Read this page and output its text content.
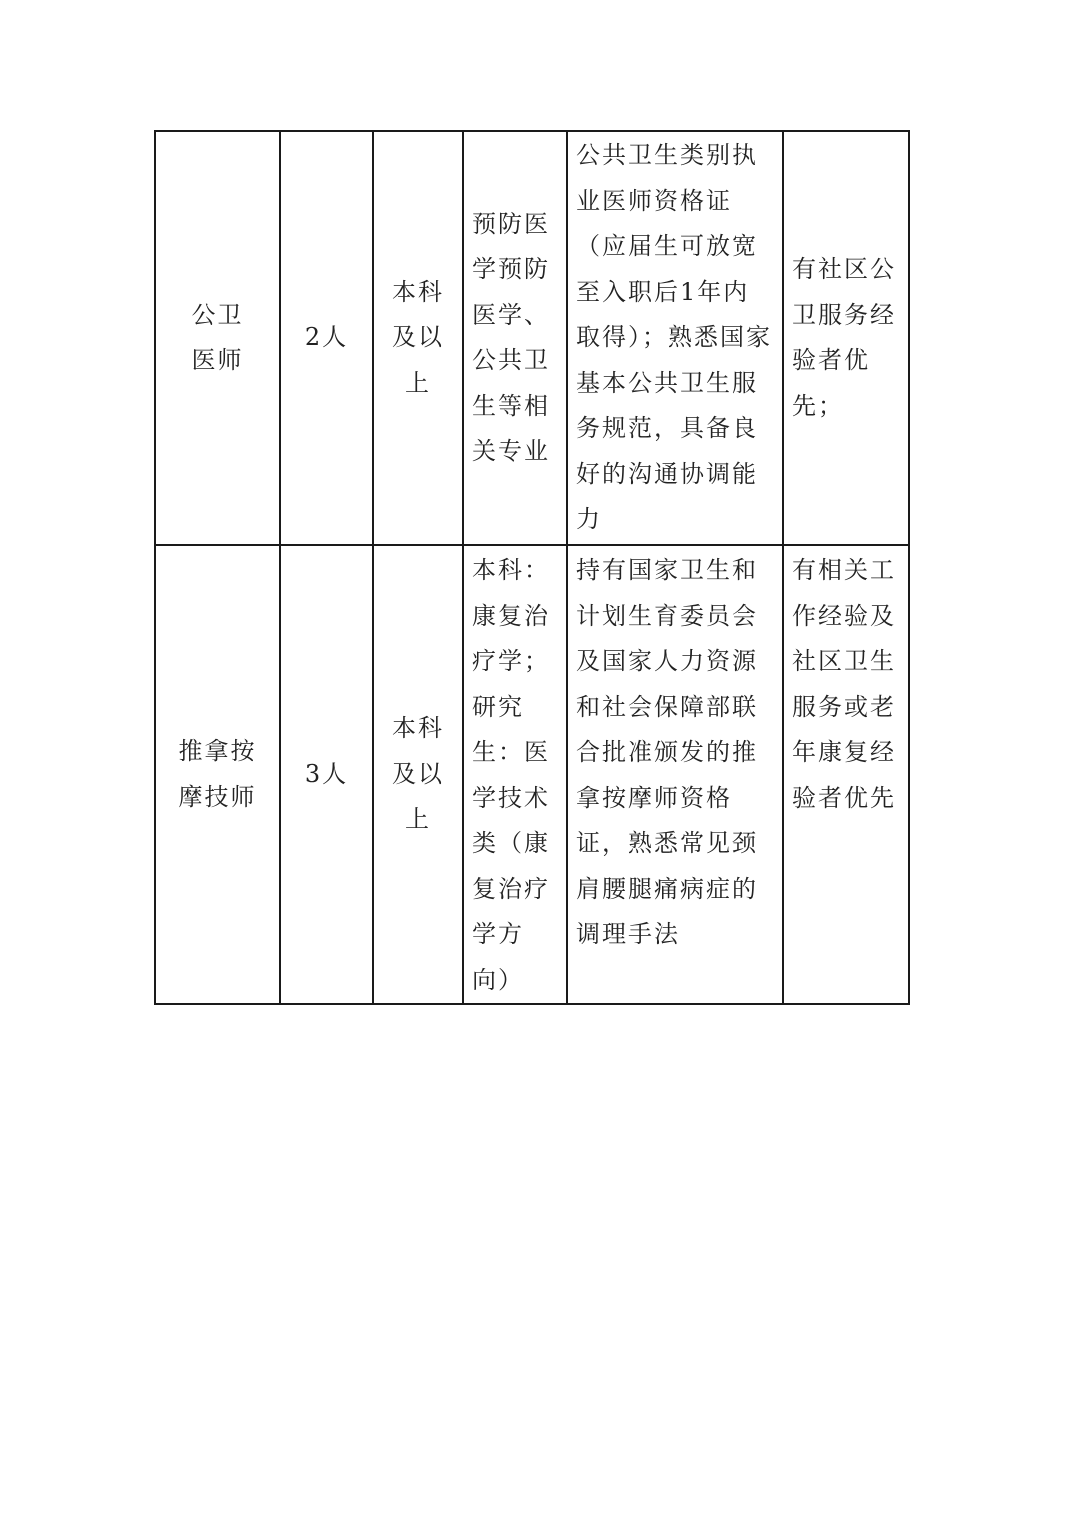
公卫医师	2人	本科及以上	预防医学预防医学、公共卫生等相关专业	公共卫生类别执业医师资格证（应届生可放宽至入职后1年内取得）；熟悉国家基本公共卫生服务规范，具备良好的沟通协调能力	有社区公卫服务经验者优先；

推拿按摩技师	3人	本科及以上	本科：康复治疗学；研究生：医学技术类（康复治疗学方向）	持有国家卫生和计划生育委员会及国家人力资源和社会保障部联合批准颁发的推拿按摩师资格证，熟悉常见颈肩腰腿痛病症的调理手法	有相关工作经验及社区卫生服务或老年康复经验者优先
